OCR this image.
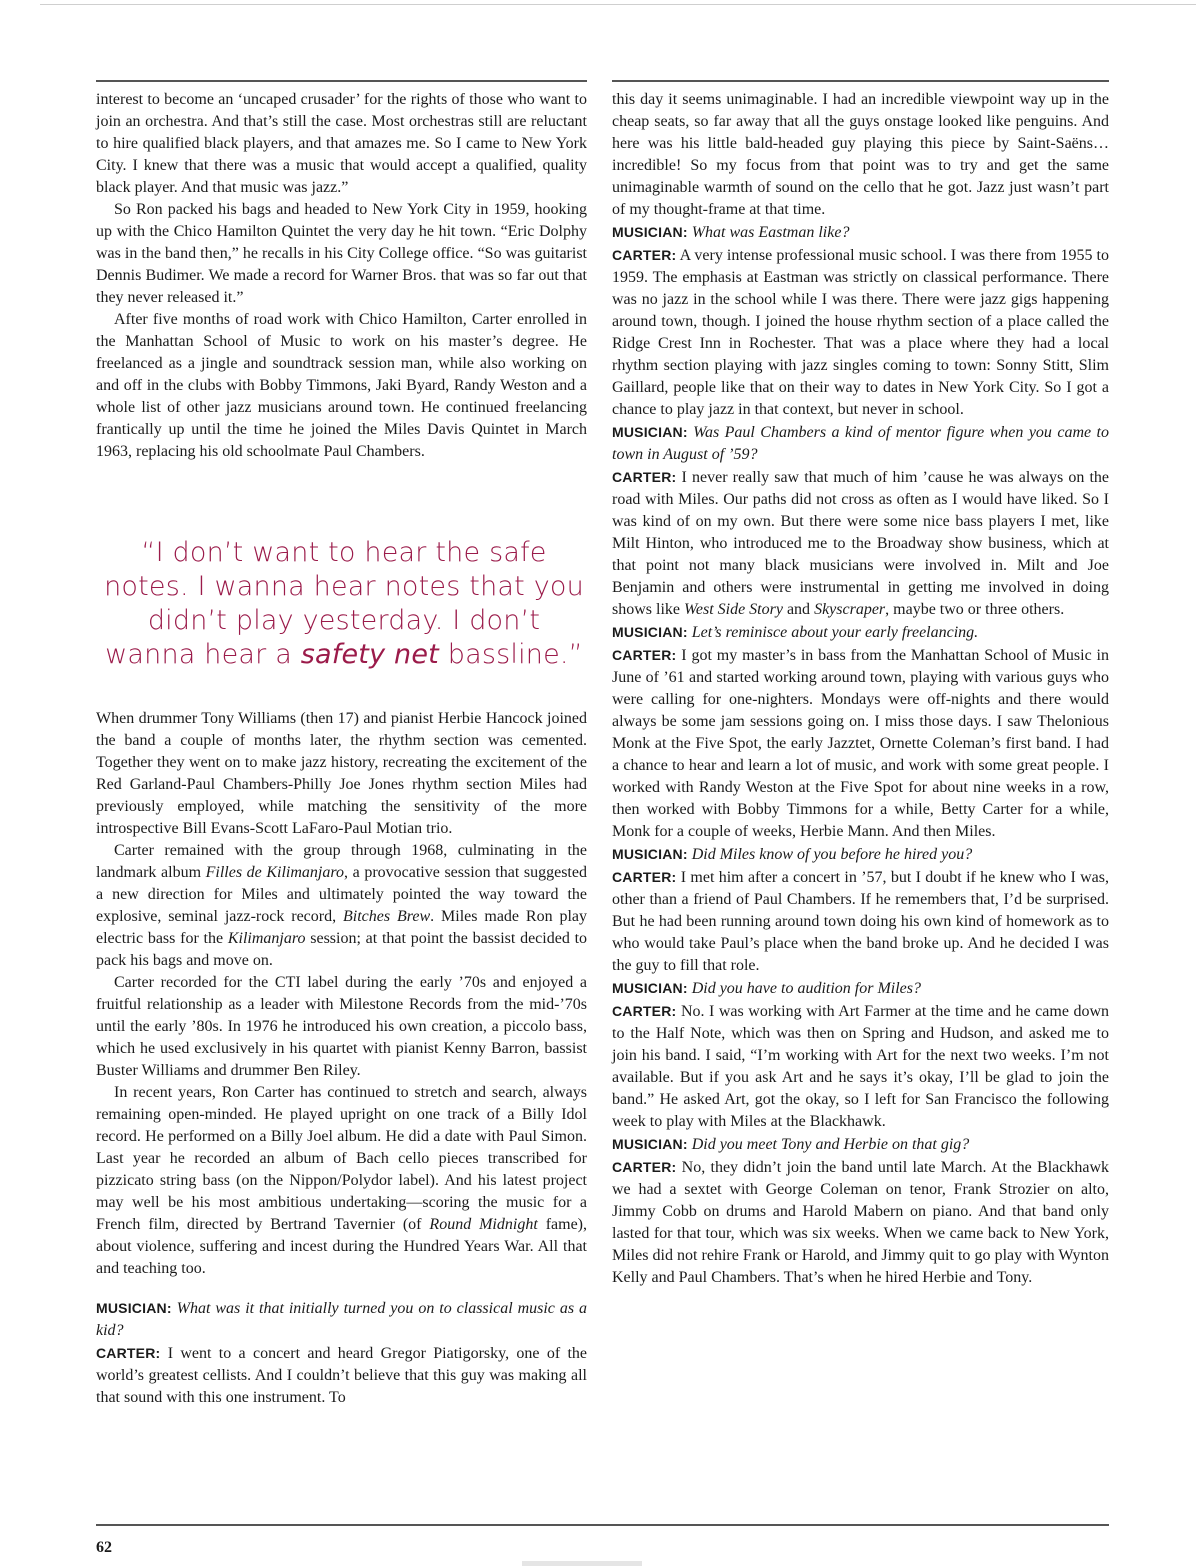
interest to become an ‘uncaped crusader’ for the rights of those who want to join an orchestra. And that’s still the case. Most orchestras still are reluctant to hire qualified black players, and that amazes me. So I came to New York City. I knew that there was a music that would accept a qualified, quality black player. And that music was jazz.”

So Ron packed his bags and headed to New York City in 1959, hooking up with the Chico Hamilton Quintet the very day he hit town. “Eric Dolphy was in the band then,” he recalls in his City College office. “So was guitarist Dennis Budimer. We made a record for Warner Bros. that was so far out that they never released it.”

After five months of road work with Chico Hamilton, Carter enrolled in the Manhattan School of Music to work on his master’s degree. He freelanced as a jingle and soundtrack session man, while also working on and off in the clubs with Bobby Timmons, Jaki Byard, Randy Weston and a whole list of other jazz musicians around town. He continued freelancing frantically up until the time he joined the Miles Davis Quintet in March 1963, replacing his old schoolmate Paul Chambers.

“I don’t want to hear the safe notes. I wanna hear notes that you didn’t play yesterday. I don’t wanna hear a safety net bassline.”

When drummer Tony Williams (then 17) and pianist Herbie Hancock joined the band a couple of months later, the rhythm section was cemented. Together they went on to make jazz history, recreating the excitement of the Red Garland-Paul Chambers-Philly Joe Jones rhythm section Miles had previously employed, while matching the sensitivity of the more introspective Bill Evans-Scott LaFaro-Paul Motian trio.

Carter remained with the group through 1968, culminating in the landmark album Filles de Kilimanjaro, a provocative session that suggested a new direction for Miles and ultimately pointed the way toward the explosive, seminal jazz-rock record, Bitches Brew. Miles made Ron play electric bass for the Kilimanjaro session; at that point the bassist decided to pack his bags and move on.

Carter recorded for the CTI label during the early ’70s and enjoyed a fruitful relationship as a leader with Milestone Records from the mid-’70s until the early ’80s. In 1976 he introduced his own creation, a piccolo bass, which he used exclusively in his quartet with pianist Kenny Barron, bassist Buster Williams and drummer Ben Riley.

In recent years, Ron Carter has continued to stretch and search, always remaining open-minded. He played upright on one track of a Billy Idol record. He performed on a Billy Joel album. He did a date with Paul Simon. Last year he recorded an album of Bach cello pieces transcribed for pizzicato string bass (on the Nippon/Polydor label). And his latest project may well be his most ambitious undertaking—scoring the music for a French film, directed by Bertrand Tavernier (of Round Midnight fame), about violence, suffering and incest during the Hundred Years War. All that and teaching too.

MUSICIAN: What was it that initially turned you on to classical music as a kid?

CARTER: I went to a concert and heard Gregor Piatigorsky, one of the world’s greatest cellists. And I couldn’t believe that this guy was making all that sound with this one instrument. To

this day it seems unimaginable. I had an incredible viewpoint way up in the cheap seats, so far away that all the guys onstage looked like penguins. And here was his little bald-headed guy playing this piece by Saint-Saëns…incredible! So my focus from that point was to try and get the same unimaginable warmth of sound on the cello that he got. Jazz just wasn’t part of my thought-frame at that time.

MUSICIAN: What was Eastman like?

CARTER: A very intense professional music school. I was there from 1955 to 1959. The emphasis at Eastman was strictly on classical performance. There was no jazz in the school while I was there. There were jazz gigs happening around town, though. I joined the house rhythm section of a place called the Ridge Crest Inn in Rochester. That was a place where they had a local rhythm section playing with jazz singles coming to town: Sonny Stitt, Slim Gaillard, people like that on their way to dates in New York City. So I got a chance to play jazz in that context, but never in school.

MUSICIAN: Was Paul Chambers a kind of mentor figure when you came to town in August of ’59?

CARTER: I never really saw that much of him ’cause he was always on the road with Miles. Our paths did not cross as often as I would have liked. So I was kind of on my own. But there were some nice bass players I met, like Milt Hinton, who introduced me to the Broadway show business, which at that point not many black musicians were involved in. Milt and Joe Benjamin and others were instrumental in getting me involved in doing shows like West Side Story and Skyscraper, maybe two or three others.

MUSICIAN: Let’s reminisce about your early freelancing.

CARTER: I got my master’s in bass from the Manhattan School of Music in June of ’61 and started working around town, playing with various guys who were calling for one-nighters. Mondays were off-nights and there would always be some jam sessions going on. I miss those days. I saw Thelonious Monk at the Five Spot, the early Jazztet, Ornette Coleman’s first band. I had a chance to hear and learn a lot of music, and work with some great people. I worked with Randy Weston at the Five Spot for about nine weeks in a row, then worked with Bobby Timmons for a while, Betty Carter for a while, Monk for a couple of weeks, Herbie Mann. And then Miles.

MUSICIAN: Did Miles know of you before he hired you?

CARTER: I met him after a concert in ’57, but I doubt if he knew who I was, other than a friend of Paul Chambers. If he remembers that, I’d be surprised. But he had been running around town doing his own kind of homework as to who would take Paul’s place when the band broke up. And he decided I was the guy to fill that role.

MUSICIAN: Did you have to audition for Miles?

CARTER: No. I was working with Art Farmer at the time and he came down to the Half Note, which was then on Spring and Hudson, and asked me to join his band. I said, “I’m working with Art for the next two weeks. I’m not available. But if you ask Art and he says it’s okay, I’ll be glad to join the band.” He asked Art, got the okay, so I left for San Francisco the following week to play with Miles at the Blackhawk.

MUSICIAN: Did you meet Tony and Herbie on that gig?

CARTER: No, they didn’t join the band until late March. At the Blackhawk we had a sextet with George Coleman on tenor, Frank Strozier on alto, Jimmy Cobb on drums and Harold Mabern on piano. And that band only lasted for that tour, which was six weeks. When we came back to New York, Miles did not rehire Frank or Harold, and Jimmy quit to go play with Wynton Kelly and Paul Chambers. That’s when he hired Herbie and Tony.

62
